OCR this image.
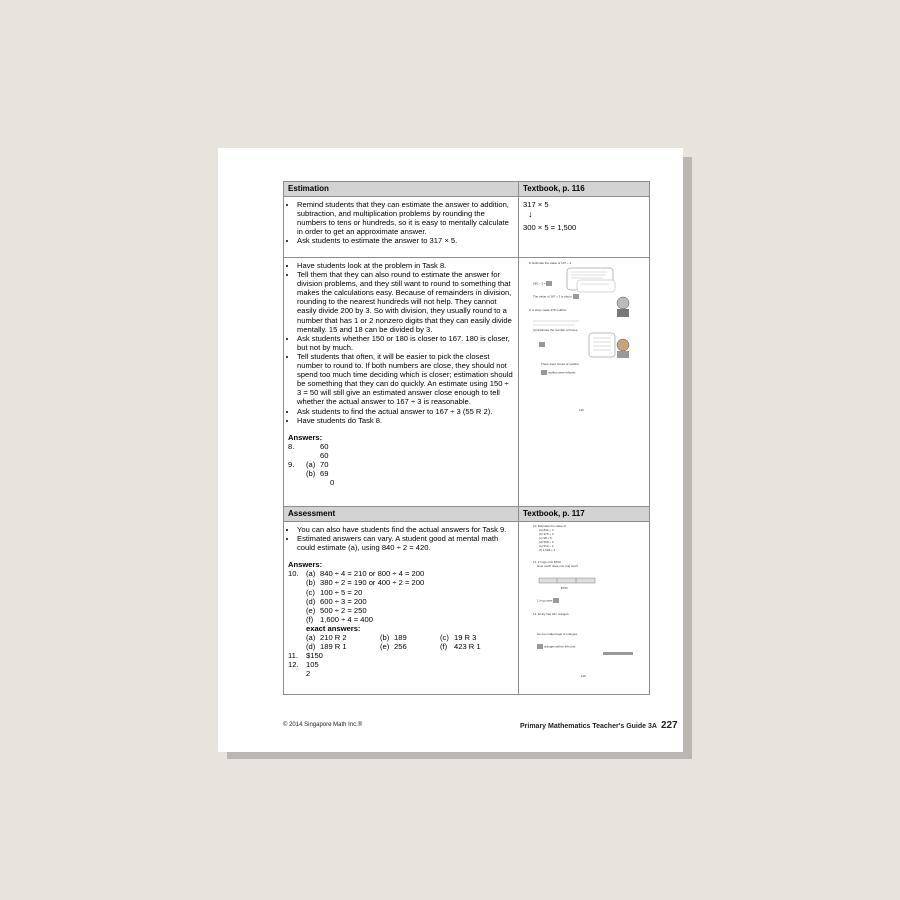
Estimation	Textbook, p. 116
• Remind students that they can estimate the answer to addition, subtraction, and multiplication problems by rounding the numbers to tens or hundreds, so it is easy to mentally calculate in order to get an approximate answer.
• Ask students to estimate the answer to 317 × 5.
317 × 5
↓
300 × 5 = 1,500
• Have students look at the problem in Task 8.
• Tell them that they can also round to estimate the answer for division problems, and they still want to round to something that makes the calculations easy. Because of remainders in division, rounding to the nearest hundreds will not help. They cannot easily divide 200 by 3. So with division, they usually round to a number that has 1 or 2 nonzero digits that they can easily divide mentally. 15 and 18 can be divided by 3.
• Ask students whether 150 or 180 is closer to 167. 180 is closer, but not by much.
• Tell students that often, it will be easier to pick the closest number to round to. If both numbers are close, they should not spend too much time deciding which is closer; estimation should be something that they can do quickly. An estimate using 150 ÷ 3 = 50 will still give an estimated answer close enough to tell whether the actual answer to 167 ÷ 3 is reasonable.
• Ask students to find the actual answer to 167 ÷ 3 (55 R 2).
• Have students do Task 8.
Answers:
8.	60
60
9.	(a) 70
(b) 69
0
8. Estimate the value of 167 ÷ 3.
180 ÷ 3 =
The value of 167 ÷ 3 is about
9. A shop made 278 muffins.
(a) Estimate the number of boxes.
There were boxes of muffins.
muffins were leftover.
116
Assessment	Textbook, p. 117
• You can also have students find the actual answers for Task 9.
• Estimated answers can vary. A student good at mental math could estimate (a), using 840 ÷ 2 = 420.
Answers:
10. (a) 840 ÷ 4 = 210 or 800 ÷ 4 = 200
(b) 380 ÷ 2 = 190 or 400 ÷ 2 = 200
(c) 100 ÷ 5 = 20
(d) 600 ÷ 3 = 200
(e) 500 ÷ 2 = 250
(f) 1,600 ÷ 4 = 400
exact answers:
(a) 210 R 2	(b) 189	(c) 19 R 3
(d) 189 R 1	(e) 256	(f) 423 R 1
11.	$150
12. 105
2
10. Estimate the value of
(a) 842 ÷ 4
(b) 376 ÷ 2
(c) 98 ÷ 5
(d) 568 ÷ 3
(e) 512 ÷ 2
(f) 1,693 ÷ 4
11. 3 rings cost $750.
How much does one ring cost?
$750
1 ring costs
12. Emily has 317 oranges.
He can make bags of oranges.
oranges will be left over.
116
© 2014 Singapore Math Inc.®	Primary Mathematics Teacher's Guide 3A 227
